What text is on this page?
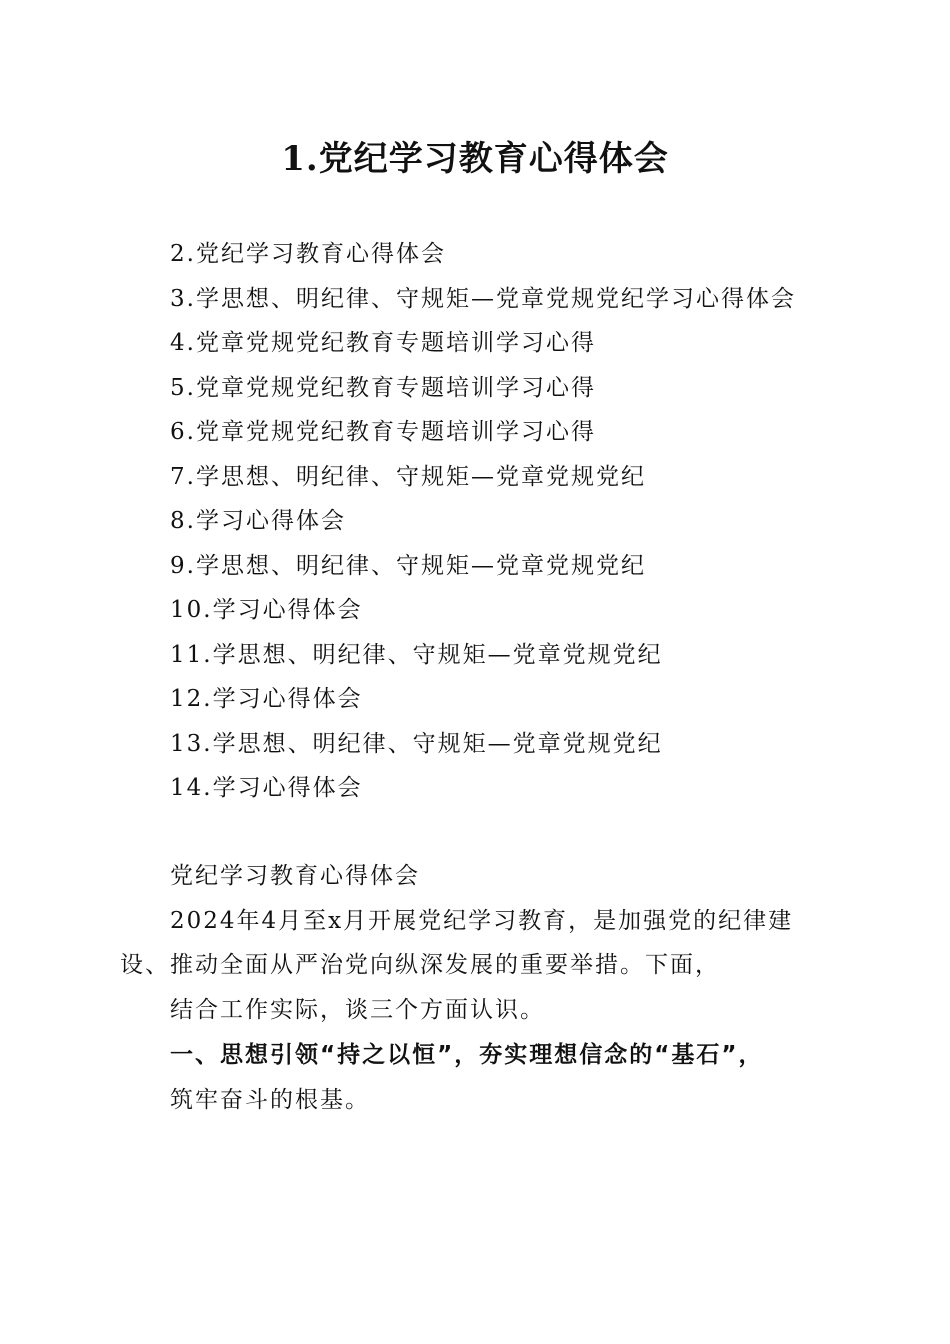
1.党纪学习教育心得体会
2.党纪学习教育心得体会
3.学思想、明纪律、守规矩—党章党规党纪学习心得体会
4.党章党规党纪教育专题培训学习心得
5.党章党规党纪教育专题培训学习心得
6.党章党规党纪教育专题培训学习心得
7.学思想、明纪律、守规矩—党章党规党纪
8.学习心得体会
9.学思想、明纪律、守规矩—党章党规党纪
10.学习心得体会
11.学思想、明纪律、守规矩—党章党规党纪
12.学习心得体会
13.学思想、明纪律、守规矩—党章党规党纪
14.学习心得体会
党纪学习教育心得体会
2024年4月至x月开展党纪学习教育，是加强党的纪律建设、推动全面从严治党向纵深发展的重要举措。下面，
结合工作实际，谈三个方面认识。
一、思想引领“持之以恒”，夯实理想信念的“基石”，
筑牢奋斗的根基。
